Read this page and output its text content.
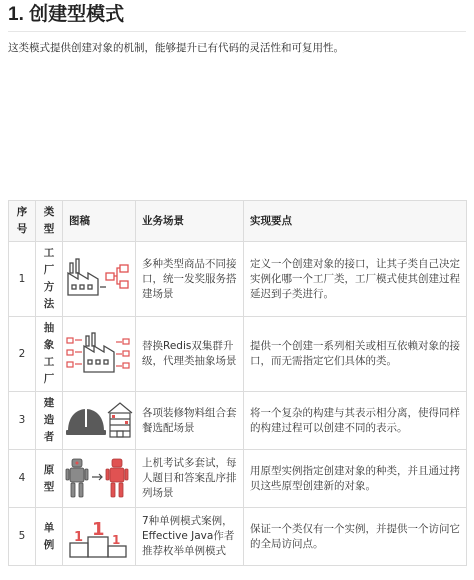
1. 创建型模式

这类模式提供创建对象的机制，能够提升已有代码的灵活性和可复用性。

序号	类型	图稿	业务场景	实现要点
1	工厂方法		多种类型商品不同接口，统一发奖服务搭建场景	定义一个创建对象的接口，让其子类自己决定实例化哪一个工厂类，工厂模式使其创建过程延迟到子类进行。
2	抽象工厂		替换Redis双集群升级，代理类抽象场景	提供一个创建一系列相关或相互依赖对象的接口，而无需指定它们具体的类。
3	建造者		各项装修物料组合套餐选配场景	将一个复杂的构建与其表示相分离，使得同样的构建过程可以创建不同的表示。
4	原型		上机考试多套试，每人题目和答案乱序排列场景	用原型实例指定创建对象的种类，并且通过拷贝这些原型创建新的对象。
5	单例	1 1 1	7种单例模式案例，Effective Java作者推荐枚举单例模式	保证一个类仅有一个实例，并提供一个访问它的全局访问点。
